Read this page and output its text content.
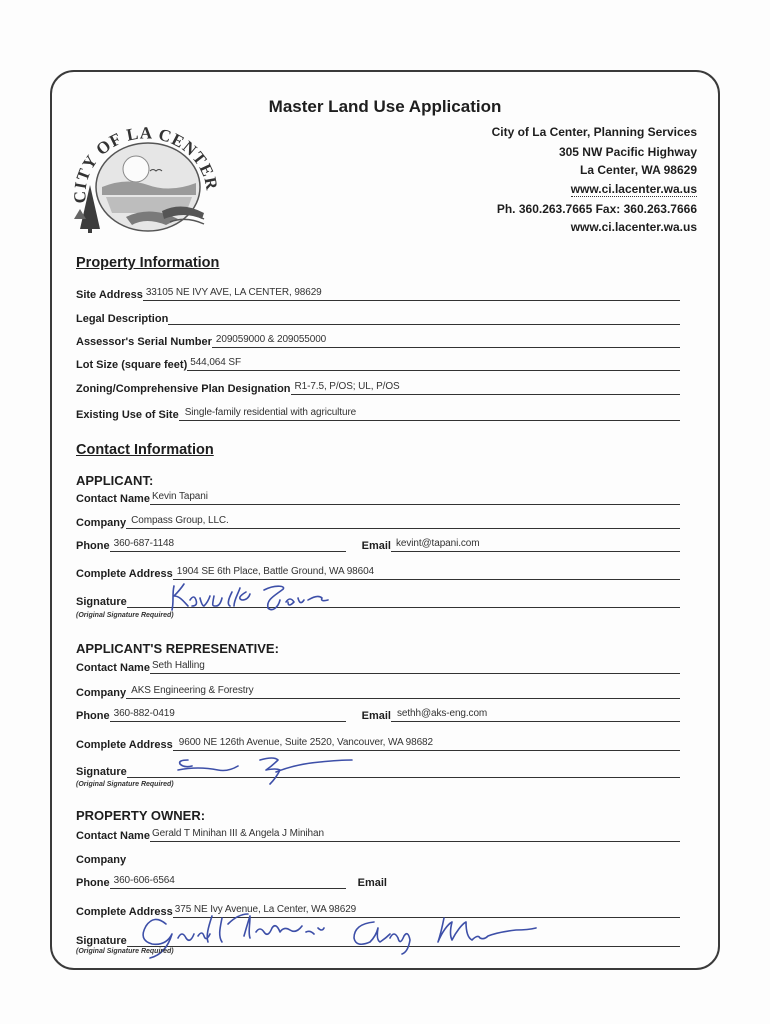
Master Land Use Application
CITY OF LA CENTER
City of La Center, Planning Services
305 NW Pacific Highway
La Center, WA 98629
www.ci.lacenter.wa.us
Ph. 360.263.7665 Fax: 360.263.7666
www.ci.lacenter.wa.us
Property Information
Site Address 33105 NE IVY AVE, LA CENTER, 98629
Legal Description
Assessor's Serial Number 209059000 & 209055000
Lot Size (square feet) 544,064 SF
Zoning/Comprehensive Plan Designation R1-7.5, P/OS; UL, P/OS
Existing Use of Site Single-family residential with agriculture
Contact Information
APPLICANT:
Contact Name Kevin Tapani
Company Compass Group, LLC.
Phone 360-687-1148	Email kevint@tapani.com
Complete Address 1904 SE 6th Place, Battle Ground, WA 98604
Signature
(Original Signature Required)
APPLICANT'S REPRESENATIVE:
Contact Name Seth Halling
Company AKS Engineering & Forestry
Phone 360-882-0419	Email sethh@aks-eng.com
Complete Address 9600 NE 126th Avenue, Suite 2520, Vancouver, WA 98682
Signature
(Original Signature Required)
PROPERTY OWNER:
Contact Name Gerald T Minihan III & Angela J Minihan
Company
Phone 360-606-6564	Email
Complete Address 375 NE Ivy Avenue, La Center, WA 98629
Signature
(Original Signature Required)
